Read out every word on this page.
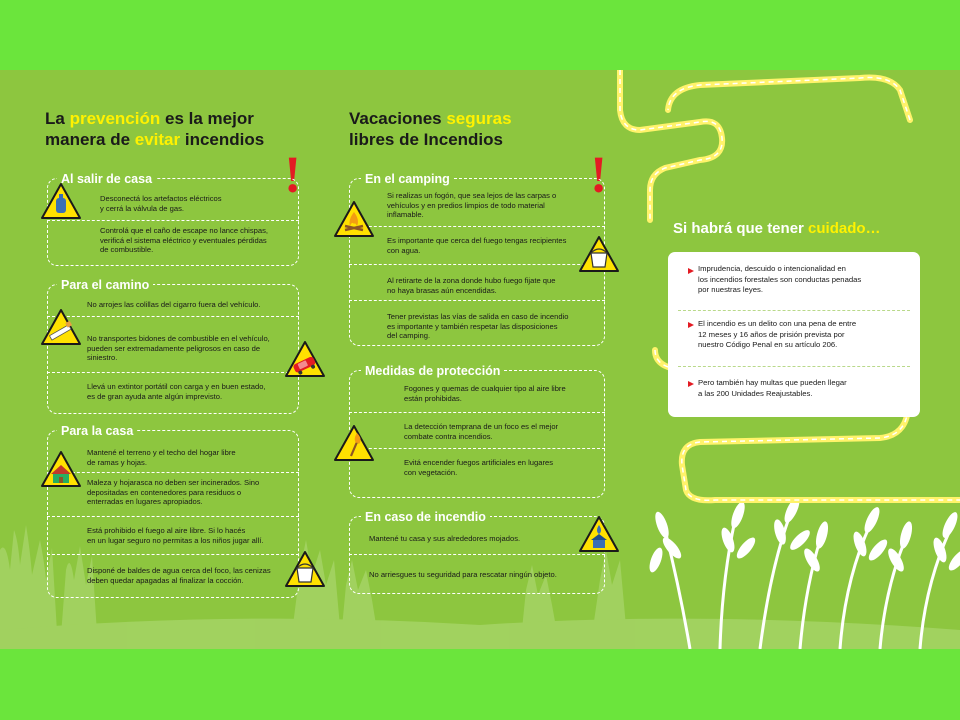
La prevención es la mejor
manera de evitar incendios
!
Al salir de casa
Desconectá los artefactos eléctricos
y cerrá la válvula de gas.
Controlá que el caño de escape no lance chispas,
verificá el sistema eléctrico y eventuales pérdidas
de combustible.
Para el camino
No arrojes las colillas del cigarro fuera del vehículo.
No transportes bidones de combustible en el vehículo,
pueden ser extremadamente peligrosos en caso de
siniestro.
Llevá un extintor portátil con carga y en buen estado,
es de gran ayuda ante algún imprevisto.
Para la casa
Mantené el terreno y el techo del hogar libre
de ramas y hojas.
Maleza y hojarasca no deben ser incinerados. Sino
depositadas en contenedores para residuos o
enterradas en lugares apropiados.
Está prohibido el fuego al aire libre. Si lo hacés
en un lugar seguro no permitas a los niños jugar allí.
Disponé de baldes de agua cerca del foco, las cenizas
deben quedar apagadas al finalizar la cocción.
Vacaciones seguras
libres de Incendios
!
En el camping
Si realizas un fogón, que sea lejos de las carpas o
vehículos y en predios limpios de todo material
inflamable.
Es importante que cerca del fuego tengas recipientes
con agua.
Al retirarte de la zona donde hubo fuego fijate que
no haya brasas aún encendidas.
Tener previstas las vías de salida en caso de incendio
es importante y también respetar las disposiciones
del camping.
Medidas de protección
Fogones y quemas de cualquier tipo al aire libre
están prohibidas.
La detección temprana de un foco es el mejor
combate contra incendios.
Evitá encender fuegos artificiales en lugares
con vegetación.
En caso de incendio
Mantené tu casa y sus alrededores mojados.
No arriesgues tu seguridad para rescatar ningún objeto.
Si habrá que tener cuidado…
Imprudencia, descuido o intencionalidad en
los incendios forestales son conductas penadas
por nuestras leyes.
El incendio es un delito con una pena de entre
12 meses y 16 años de prisión prevista por
nuestro Código Penal en su artículo 206.
Pero también hay multas que pueden llegar
a las 200 Unidades Reajustables.
